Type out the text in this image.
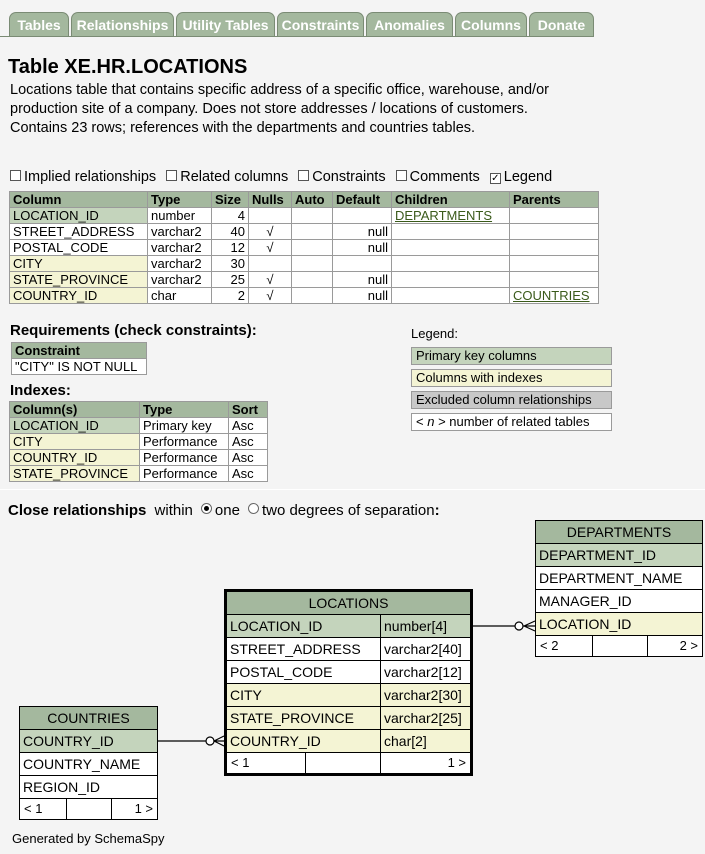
Tables	Relationships	Utility Tables Constraints	Anomalies	Columns	Donate
Table XE.HR.LOCATIONS
Locations table that contains specific address of a specific office, warehouse, and/or production site of a company. Does not store addresses / locations of customers. Contains 23 rows; references with the departments and countries tables.
Implied relationships Related columns Constraints Comments ✓ Legend
Column	Type	Size	Nulls	Auto	Default	Children	Parents
LOCATION_ID	number	4				DEPARTMENTS	
STREET_ADDRESS	varchar2	40	√		null		
POSTAL_CODE	varchar2	12	√		null		
CITY	varchar2	30					
STATE_PROVINCE	varchar2	25	√		null		
COUNTRY_ID	char	2	√		null		COUNTRIES
Requirements (check constraints):
Constraint
"CITY" IS NOT NULL
Indexes:
Column(s)	Type	Sort
LOCATION_ID	Primary key	Asc
CITY	Performance	Asc
COUNTRY_ID	Performance	Asc
STATE_PROVINCE	Performance	Asc
Legend:
Primary key columns
Columns with indexes
Excluded column relationships
< n > number of related tables
Close relationships within one two degrees of separation:
LOCATIONS
LOCATION_ID	number[4]
STREET_ADDRESS	varchar2[40]
POSTAL_CODE	varchar2[12]
CITY	varchar2[30]
STATE_PROVINCE	varchar2[25]
COUNTRY_ID	char[2]
< 1	1 >
DEPARTMENTS
DEPARTMENT_ID
DEPARTMENT_NAME
MANAGER_ID
LOCATION_ID
< 2	2 >
COUNTRIES
COUNTRY_ID
COUNTRY_NAME
REGION_ID
< 1	1 >
Generated by SchemaSpy
